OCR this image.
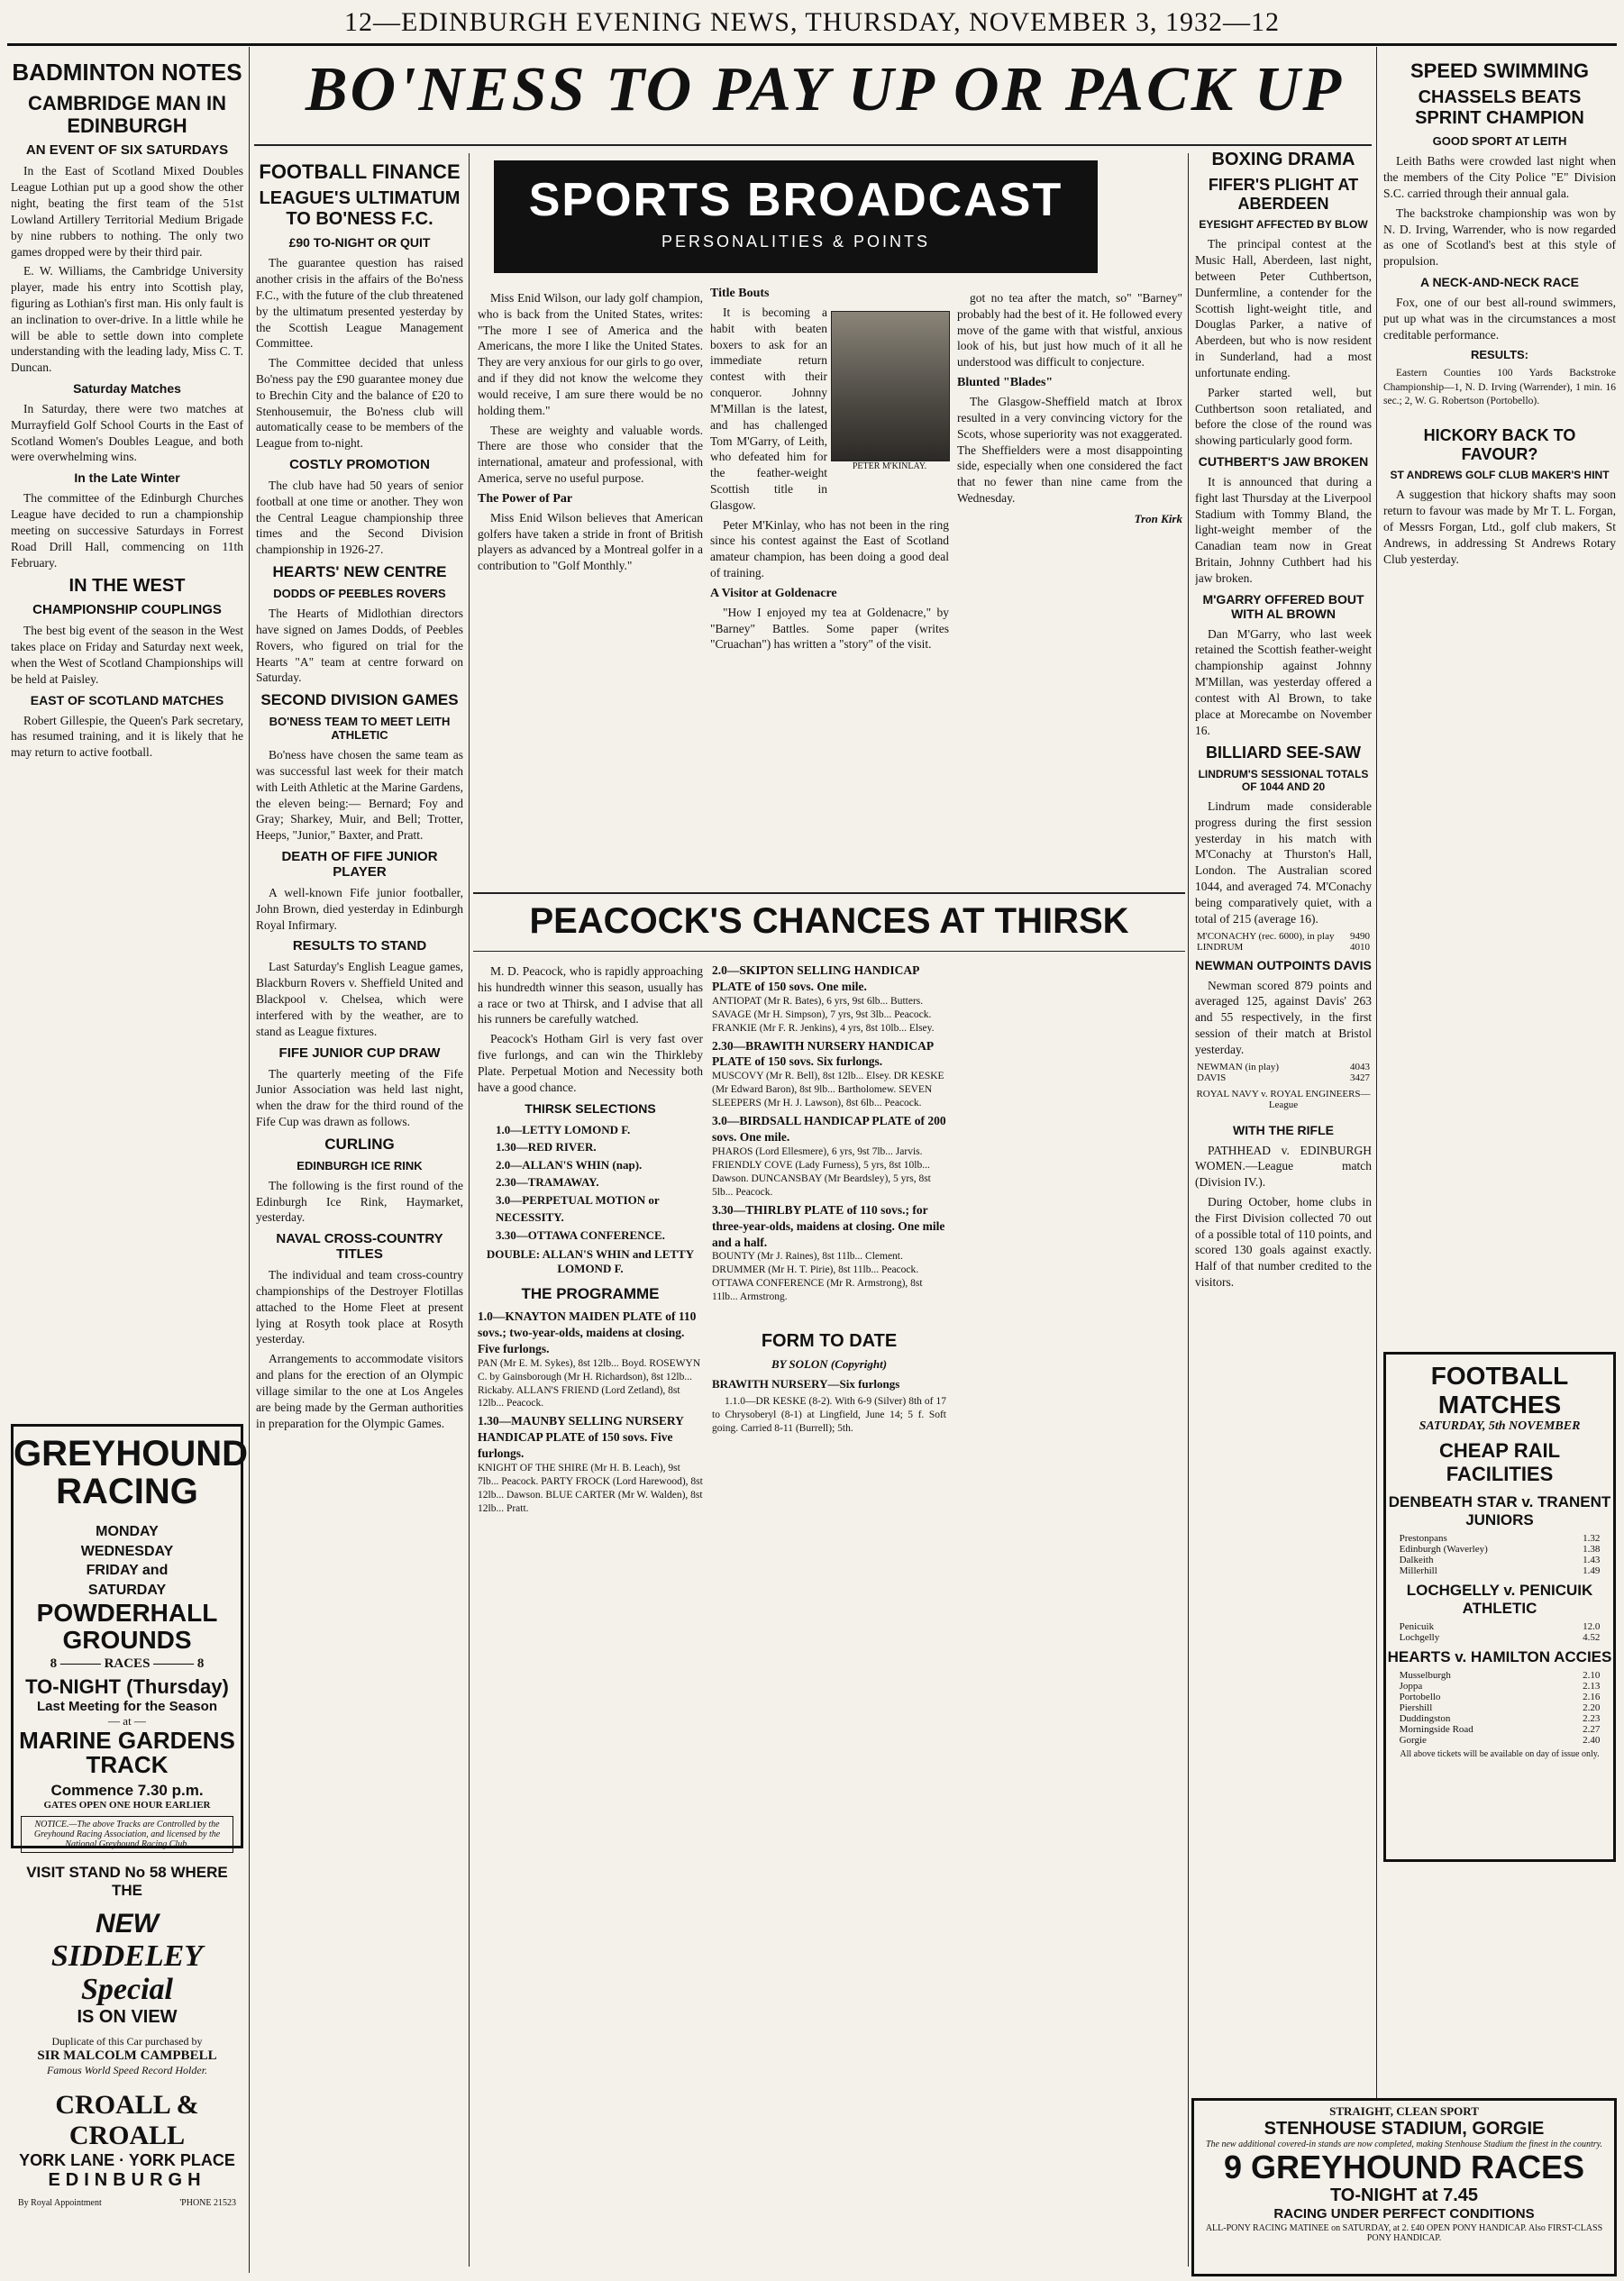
12—EDINBURGH EVENING NEWS, THURSDAY, NOVEMBER 3, 1932—12
BO'NESS TO PAY UP OR PACK UP
BADMINTON NOTES
CAMBRIDGE MAN IN EDINBURGH
AN EVENT OF SIX SATURDAYS

In the East of Scotland Mixed Doubles League Lothian put up a good show the other night, beating the first team of the 51st Lowland Artillery Territorial Medium Brigade by nine rubbers to nothing. The only two games dropped were by their third pair.

E. W. Williams, the Cambridge University player, made his entry into Scottish play, figuring as Lothian's first man. His only fault is an inclination to over-drive. In a little while he will be able to settle down into complete understanding with the leading lady, Miss C. T. Duncan.

Saturday Matches

In Saturday, there were two matches at Murrayfield Golf School Courts in the East of Scotland Women's Doubles League, and both were overwhelming wins.

In the Late Winter

The committee of the Edinburgh Churches League have decided to run a championship meeting on successive Saturdays in Forrest Road Drill Hall, commencing on 11th February.

IN THE WEST
CHAMPIONSHIP COUPLINGS

The best big event of the season in the West takes place on Friday and Saturday next week, when the West of Scotland Championships will be held at Paisley.

EAST OF SCOTLAND MATCHES

Robert Gillespie, the Queen's Park secretary, has resumed training, and it is likely that he may return to active football.

GREYHOUND
RACING
MONDAY
WEDNESDAY
FRIDAY and
SATURDAY
POWDERHALL
GROUNDS
8 ——— RACES ——— 8
TO-NIGHT (Thursday)
Last Meeting for the Season
— at —
MARINE GARDENS
TRACK
Commence 7.30 p.m.
GATES OPEN ONE HOUR EARLIER
NOTICE.—The above Tracks are Controlled by the Greyhound Racing Association, and licensed by the National Greyhound Racing Club.
VISIT STAND No 58 WHERE THE
NEW
SIDDELEY Special
IS ON VIEW
Duplicate of this Car purchased by
SIR MALCOLM CAMPBELL
Famous World Speed Record Holder.
CROALL & CROALL
YORK LANE · YORK PLACE
EDINBURGH
By Royal Appointment	'PHONE 21523
FOOTBALL FINANCE
LEAGUE'S ULTIMATUM TO BO'NESS F.C.
£90 TO-NIGHT OR QUIT

The guarantee question has raised another crisis in the affairs of the Bo'ness F.C., with the future of the club threatened by the ultimatum presented yesterday by the Scottish League Management Committee.

The Committee decided that unless Bo'ness pay the £90 guarantee money due to Brechin City and the balance of £20 to Stenhousemuir, the Bo'ness club will automatically cease to be members of the League from to-night.

COSTLY PROMOTION

The club have had 50 years of senior football at one time or another. They won the Central League championship three times and the Second Division championship in 1926-27.

HEARTS' NEW CENTRE
DODDS OF PEEBLES ROVERS

The Hearts of Midlothian directors have signed on James Dodds, of Peebles Rovers, who figured on trial for the Hearts "A" team at centre forward on Saturday.

SECOND DIVISION GAMES
BO'NESS TEAM TO MEET LEITH ATHLETIC

Bo'ness have chosen the same team as was successful last week for their match with Leith Athletic at the Marine Gardens, the eleven being:— Bernard; Foy and Gray; Sharkey, Muir, and Bell; Trotter, Heeps, "Junior," Baxter, and Pratt.

DEATH OF FIFE JUNIOR PLAYER

A well-known Fife junior footballer, John Brown, died yesterday in Edinburgh Royal Infirmary.

RESULTS TO STAND

Last Saturday's English League games, Blackburn Rovers v. Sheffield United and Blackpool v. Chelsea, which were interfered with by the weather, are to stand as League fixtures.

FIFE JUNIOR CUP DRAW

The quarterly meeting of the Fife Junior Association was held last night, when the draw for the third round of the Fife Cup was drawn as follows.

CURLING
EDINBURGH ICE RINK

The following is the first round of the Edinburgh Ice Rink, Haymarket, yesterday.

NAVAL CROSS-COUNTRY TITLES

The individual and team cross-country championships of the Destroyer Flotillas attached to the Home Fleet at present lying at Rosyth took place at Rosyth yesterday.

Arrangements to accommodate visitors and plans for the erection of an Olympic village similar to the one at Los Angeles are being made by the German authorities in preparation for the Olympic Games.

SPORTS BROADCAST
PERSONALITIES & POINTS

Miss Enid Wilson, our lady golf champion, who is back from the United States, writes: "The more I see of America and the Americans, the more I like the United States. They are very anxious for our girls to go over, and if they did not know the welcome they would receive, I am sure there would be no holding them."

These are weighty and valuable words. There are those who consider that the international, amateur and professional, with America, serve no useful purpose.

The Power of Par

Miss Enid Wilson believes that American golfers have taken a stride in front of British players as advanced by a Montreal golfer in a contribution to "Golf Monthly."

Title Bouts

It is becoming a habit with beaten boxers to ask for an immediate return contest with their conqueror. Johnny M'Millan is the latest, and has challenged Tom M'Garry, of Leith, who defeated him for the feather-weight Scottish title in Glasgow.

Peter M'Kinlay, who has not been in the ring since his contest against the East of Scotland amateur champion, has been doing a good deal of training.

A Visitor at Goldenacre

"How I enjoyed my tea at Goldenacre," by "Barney" Battles. Some paper (writes "Cruachan") has written a "story" of the visit.

PETER M'KINLAY.

got no tea after the match, so" "Barney" probably had the best of it. He followed every move of the game with that wistful, anxious look of his, but just how much of it all he understood was difficult to conjecture.

Blunted "Blades"

The Glasgow-Sheffield match at Ibrox resulted in a very convincing victory for the Scots, whose superiority was not exaggerated. The Sheffielders were a most disappointing side, especially when one considered the fact that no fewer than nine came from the Wednesday.

Tron Kirk
PEACOCK'S CHANCES AT THIRSK

M. D. Peacock, who is rapidly approaching his hundredth winner this season, usually has a race or two at Thirsk, and I advise that all his runners be carefully watched.

Peacock's Hotham Girl is very fast over five furlongs, and can win the Thirkleby Plate. Perpetual Motion and Necessity both have a good chance.

THIRSK SELECTIONS
1.0—LETTY LOMOND F.
1.30—RED RIVER.
2.0—ALLAN'S WHIN (nap).
2.30—TRAMAWAY.
3.0—PERPETUAL MOTION or NECESSITY.
3.30—OTTAWA CONFERENCE.
DOUBLE: ALLAN'S WHIN and LETTY LOMOND F.
THE PROGRAMME
1.0—KNAYTON MAIDEN PLATE of 110 sovs.; two-year-olds, maidens at closing. Five furlongs.
PAN (Mr E. M. Sykes), 8st 12lb... Boyd. ROSEWYN C. by Gainsborough (Mr H. Richardson), 8st 12lb... Rickaby. ALLAN'S FRIEND (Lord Zetland), 8st 12lb... Peacock.
1.30—MAUNBY SELLING NURSERY HANDICAP PLATE of 150 sovs. Five furlongs.
KNIGHT OF THE SHIRE (Mr H. B. Leach), 9st 7lb... Peacock. PARTY FROCK (Lord Harewood), 8st 12lb... Dawson. BLUE CARTER (Mr W. Walden), 8st 12lb... Pratt.
2.0—SKIPTON SELLING HANDICAP PLATE of 150 sovs. One mile.
ANTIOPAT (Mr R. Bates), 6 yrs, 9st 6lb... Butters. SAVAGE (Mr H. Simpson), 7 yrs, 9st 3lb... Peacock. FRANKIE (Mr F. R. Jenkins), 4 yrs, 8st 10lb... Elsey.
2.30—BRAWITH NURSERY HANDICAP PLATE of 150 sovs. Six furlongs.
MUSCOVY (Mr R. Bell), 8st 12lb... Elsey. DR KESKE (Mr Edward Baron), 8st 9lb... Bartholomew. SEVEN SLEEPERS (Mr H. J. Lawson), 8st 6lb... Peacock.
3.0—BIRDSALL HANDICAP PLATE of 200 sovs. One mile.
PHAROS (Lord Ellesmere), 6 yrs, 9st 7lb... Jarvis. FRIENDLY COVE (Lady Furness), 5 yrs, 8st 10lb... Dawson. DUNCANSBAY (Mr Beardsley), 5 yrs, 8st 5lb... Peacock.
3.30—THIRLBY PLATE of 110 sovs.; for three-year-olds, maidens at closing. One mile and a half.
BOUNTY (Mr J. Raines), 8st 11lb... Clement. DRUMMER (Mr H. T. Pirie), 8st 11lb... Peacock. OTTAWA CONFERENCE (Mr R. Armstrong), 8st 11lb... Armstrong.
FORM TO DATE
BY SOLON (Copyright)
BRAWITH NURSERY—Six furlongs

1.1.0—DR KESKE (8-2). With 6-9 (Silver) 8th of 17 to Chrysoberyl (8-1) at Lingfield, June 14; 5 f. Soft going. Carried 8-11 (Burrell); 5th.

BOXING DRAMA
FIFER'S PLIGHT AT ABERDEEN
EYESIGHT AFFECTED BY BLOW

The principal contest at the Music Hall, Aberdeen, last night, between Peter Cuthbertson, Dunfermline, a contender for the Scottish light-weight title, and Douglas Parker, a native of Aberdeen, but who is now resident in Sunderland, had a most unfortunate ending.

Parker started well, but Cuthbertson soon retaliated, and before the close of the round was showing particularly good form.

CUTHBERT'S JAW BROKEN

It is announced that during a fight last Thursday at the Liverpool Stadium with Tommy Bland, the light-weight member of the Canadian team now in Great Britain, Johnny Cuthbert had his jaw broken.

M'GARRY OFFERED BOUT WITH AL BROWN

Dan M'Garry, who last week retained the Scottish feather-weight championship against Johnny M'Millan, was yesterday offered a contest with Al Brown, to take place at Morecambe on November 16.

BILLIARD SEE-SAW
LINDRUM'S SESSIONAL TOTALS OF 1044 AND 20

Lindrum made considerable progress during the first session yesterday in his match with M'Conachy at Thurston's Hall, London. The Australian scored 1044, and averaged 74. M'Conachy being comparatively quiet, with a total of 215 (average 16).

M'CONACHY (rec. 6000), in play	9490
LINDRUM	4010
NEWMAN OUTPOINTS DAVIS

Newman scored 879 points and averaged 125, against Davis' 263 and 55 respectively, in the first session of their match at Bristol yesterday.

NEWMAN (in play)	4043
DAVIS	3427
ROYAL NAVY v. ROYAL ENGINEERS—League
WITH THE RIFLE

PATHHEAD v. EDINBURGH WOMEN.—League match (Division IV.).

During October, home clubs in the First Division collected 70 out of a possible total of 110 points, and scored 130 goals against exactly. Half of that number credited to the visitors.

SPEED SWIMMING
CHASSELS BEATS SPRINT CHAMPION
GOOD SPORT AT LEITH

Leith Baths were crowded last night when the members of the City Police "E" Division S.C. carried through their annual gala.

The backstroke championship was won by N. D. Irving, Warrender, who is now regarded as one of Scotland's best at this style of propulsion.

A NECK-AND-NECK RACE

Fox, one of our best all-round swimmers, put up what was in the circumstances a most creditable performance.

RESULTS:

Eastern Counties 100 Yards Backstroke Championship—1, N. D. Irving (Warrender), 1 min. 16 sec.; 2, W. G. Robertson (Portobello).

HICKORY BACK TO FAVOUR?
ST ANDREWS GOLF CLUB MAKER'S HINT

A suggestion that hickory shafts may soon return to favour was made by Mr T. L. Forgan, of Messrs Forgan, Ltd., golf club makers, St Andrews, in addressing St Andrews Rotary Club yesterday.

FOOTBALL MATCHES
SATURDAY, 5th NOVEMBER
CHEAP RAIL FACILITIES
DENBEATH STAR v. TRANENT JUNIORS
Prestonpans	1.32
Edinburgh (Waverley)	1.38
Dalkeith	1.43
Millerhill	1.49
LOCHGELLY v. PENICUIK ATHLETIC
Penicuik	12.0
Lochgelly	4.52
HEARTS v. HAMILTON ACCIES
Musselburgh	2.10
Joppa	2.13
Portobello	2.16
Piershill	2.20
Duddingston	2.23
Morningside Road	2.27
Gorgie	2.40
All above tickets will be available on day of issue only.
STRAIGHT, CLEAN SPORT
STENHOUSE STADIUM, GORGIE
The new additional covered-in stands are now completed, making Stenhouse Stadium the finest in the country.
9 GREYHOUND RACES
TO-NIGHT at 7.45
RACING UNDER PERFECT CONDITIONS
ALL-PONY RACING MATINEE on SATURDAY, at 2. £40 OPEN PONY HANDICAP. Also FIRST-CLASS PONY HANDICAP.
